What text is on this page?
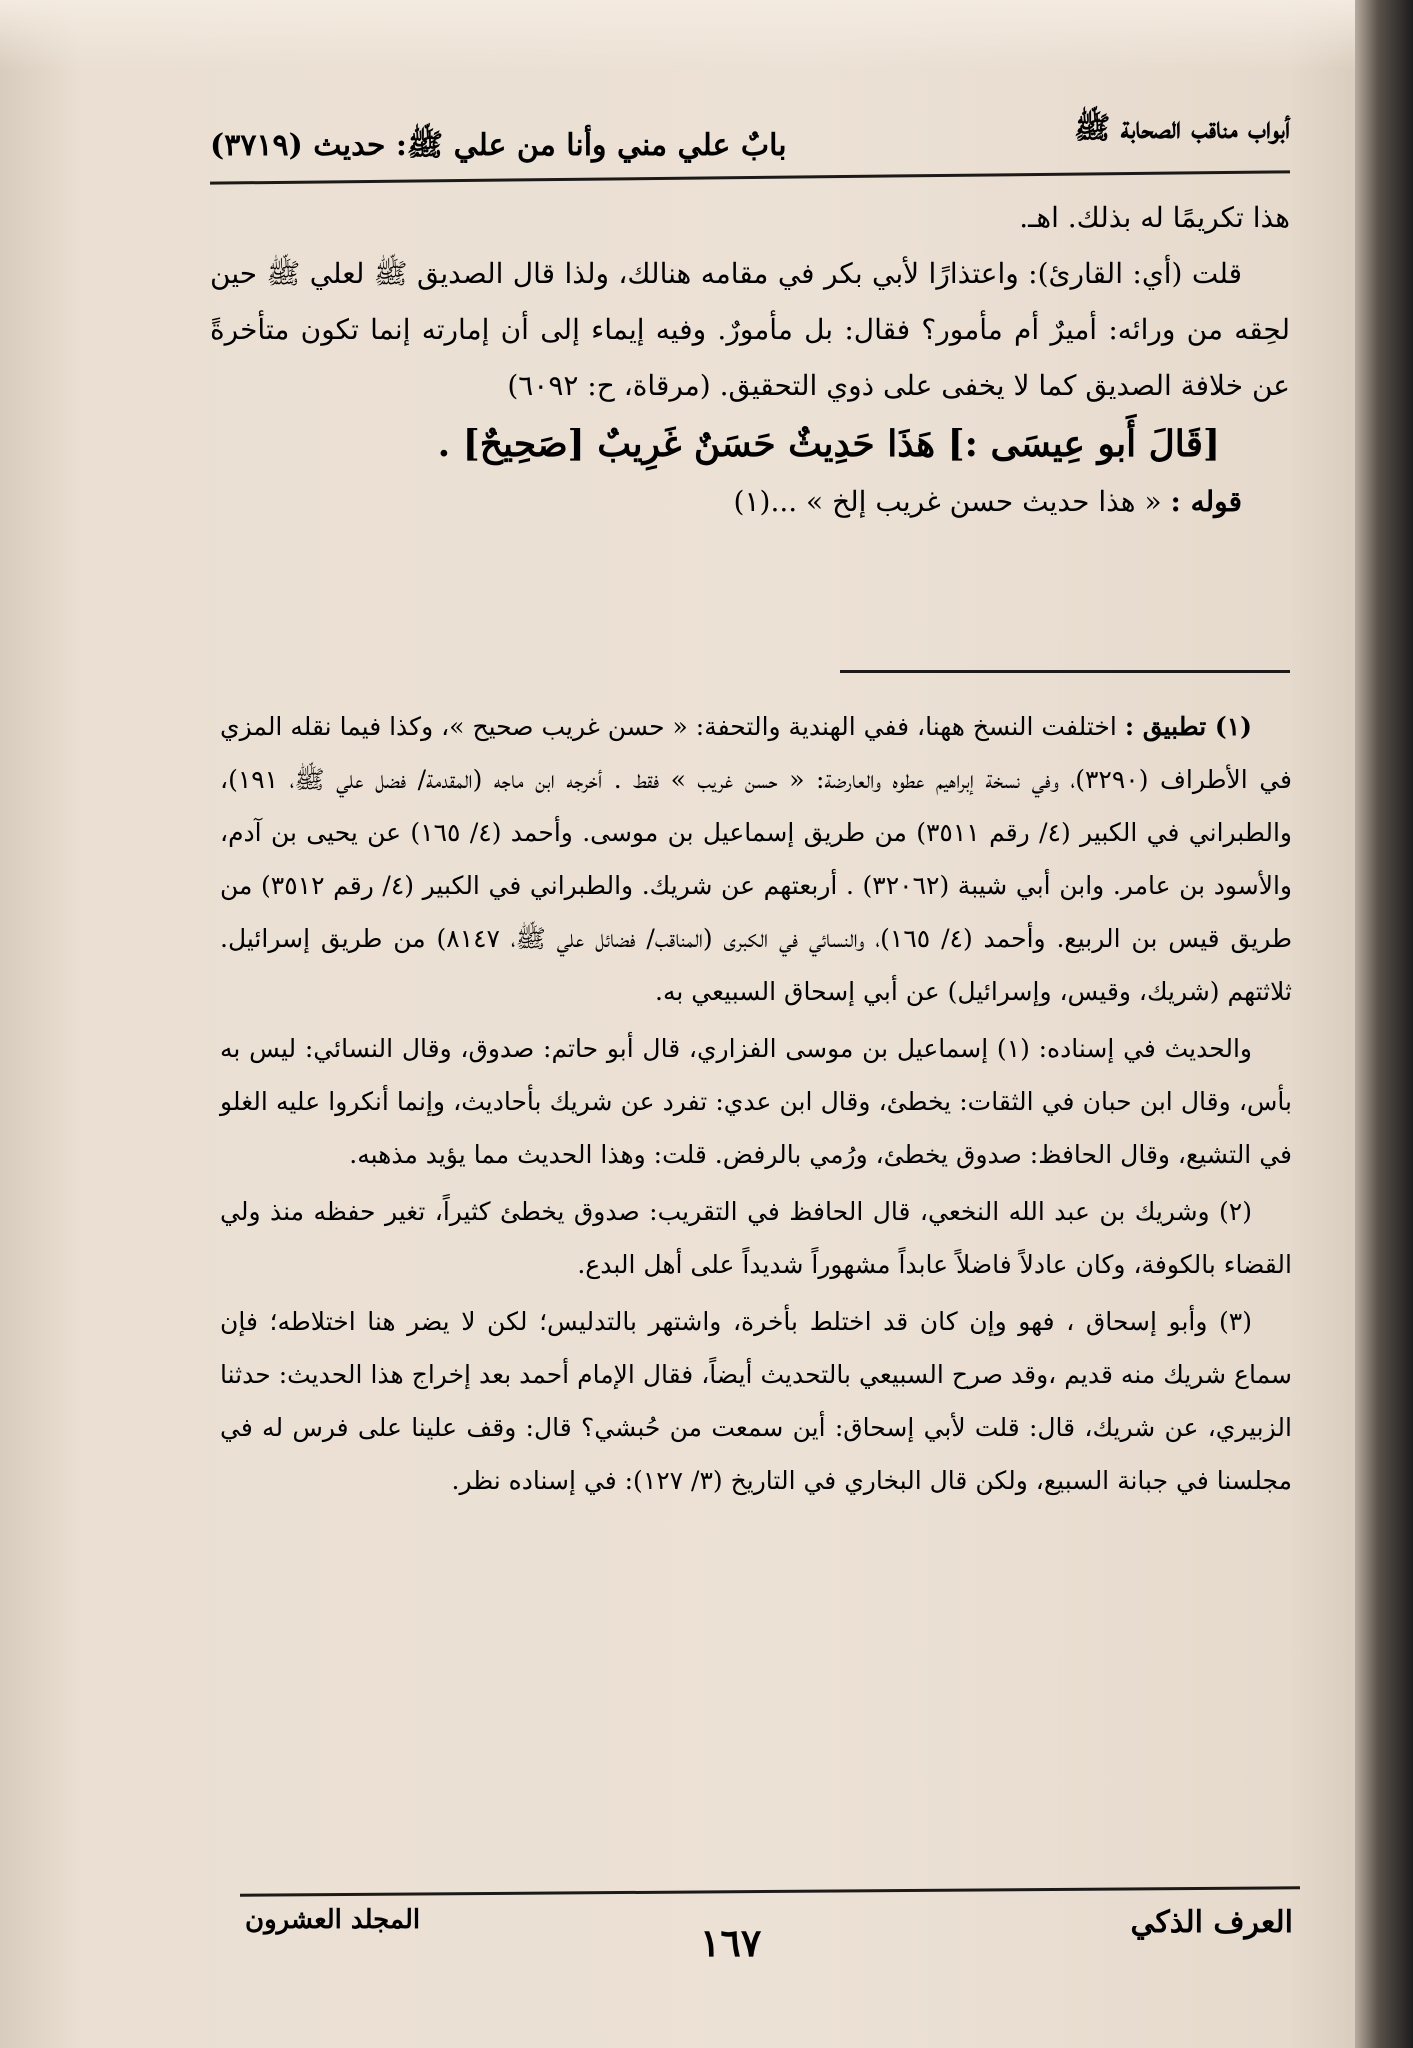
أبواب مناقب الصحابة ﷺ
بابٌ علي مني وأنا من علي ﷺ: حديث (٣٧١٩)

هذا تكريمًا له بذلك. اهـ.

قلت (أي: القارئ): واعتذارًا لأبي بكر في مقامه هنالك، ولذا قال الصديق ﷺ لعلي ﷺ حين لحِقه من ورائه: أميرٌ أم مأمور؟ فقال: بل مأمورٌ. وفيه إيماء إلى أن إمارته إنما تكون متأخرةً عن خلافة الصديق كما لا يخفى على ذوي التحقيق. (مرقاة، ح: ٦٠٩٢)

[قَالَ أَبو عِيسَى :] هَذَا حَدِيثٌ حَسَنٌ غَرِيبٌ [صَحِيحٌ] .

قوله : « هذا حديث حسن غريب إلخ » ...(١)

(١) تطبيق : اختلفت النسخ ههنا، ففي الهندية والتحفة: « حسن غريب صحيح »، وكذا فيما نقله المزي في الأطراف (٣٢٩٠)، وفي نسخة إبراهيم عطوه والعارضة: « حسن غريب » فقط . أخرجه ابن ماجه (المقدمة/ فضل علي ﷺ، ١٩١)، والطبراني في الكبير (٤/ رقم ٣٥١١) من طريق إسماعيل بن موسى. وأحمد (٤/ ١٦٥) عن يحيى بن آدم، والأسود بن عامر. وابن أبي شيبة (٣٢٠٦٢) . أربعتهم عن شريك. والطبراني في الكبير (٤/ رقم ٣٥١٢) من طريق قيس بن الربيع. وأحمد (٤/ ١٦٥)، والنسائي في الكبرى (المناقب/ فضائل علي ﷺ، ٨١٤٧) من طريق إسرائيل. ثلاثتهم (شريك، وقيس، وإسرائيل) عن أبي إسحاق السبيعي به.

والحديث في إسناده: (١) إسماعيل بن موسى الفزاري، قال أبو حاتم: صدوق، وقال النسائي: ليس به بأس، وقال ابن حبان في الثقات: يخطئ، وقال ابن عدي: تفرد عن شريك بأحاديث، وإنما أنكروا عليه الغلو في التشيع، وقال الحافظ: صدوق يخطئ، ورُمي بالرفض. قلت: وهذا الحديث مما يؤيد مذهبه.

(٢) وشريك بن عبد الله النخعي، قال الحافظ في التقريب: صدوق يخطئ كثيراً، تغير حفظه منذ ولي القضاء بالكوفة، وكان عادلاً فاضلاً عابداً مشهوراً شديداً على أهل البدع.

(٣) وأبو إسحاق ، فهو وإن كان قد اختلط بأخرة، واشتهر بالتدليس؛ لكن لا يضر هنا اختلاطه؛ فإن سماع شريك منه قديم ،وقد صرح السبيعي بالتحديث أيضاً، فقال الإمام أحمد بعد إخراج هذا الحديث: حدثنا الزبيري، عن شريك، قال: قلت لأبي إسحاق: أين سمعت من حُبشي؟ قال: وقف علينا على فرس له في مجلسنا في جبانة السبيع، ولكن قال البخاري في التاريخ (٣/ ١٢٧): في إسناده نظر.

العرف الذكي
١٦٧
المجلد العشرون
